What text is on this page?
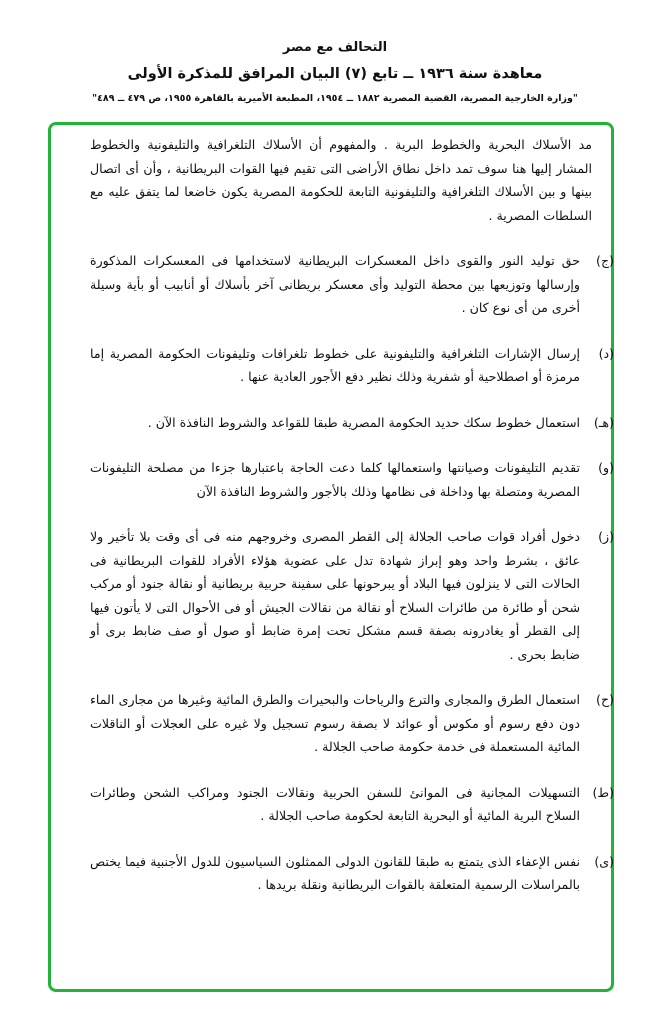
التحالف مع مصر
معاهدة سنة ١٩٣٦ ــ تابع (٧) البيان المرافق للمذكرة الأولى
"وزارة الخارجية المصرية، القضية المصرية ١٨٨٢ ــ ١٩٥٤، المطبعة الأميرية بالقاهرة ١٩٥٥، ص ٤٧٩ ــ ٤٨٩"
مد الأسلاك البحرية والخطوط البرية . والمفهوم أن الأسلاك التلغرافية والتليفونية والخطوط المشار إليها هنا سوف تمد داخل نطاق الأراضى التى تقيم فيها القوات البريطانية ، وأن أى اتصال بينها و بين الأسلاك التلغرافية والتليفونية التابعة للحكومة المصرية يكون خاضعا لما يتفق عليه مع السلطات المصرية .
(ج)
حق توليد النور والقوى داخل المعسكرات البريطانية لاستخدامها فى المعسكرات المذكورة وإرسالها وتوزيعها بين محطة التوليد وأى معسكر بريطانى آخر بأسلاك أو أنابيب أو بأية وسيلة أخرى من أى نوع كان .
(د)
إرسال الإشارات التلغرافية والتليفونية على خطوط تلغرافات وتليفونات الحكومة المصرية إما مرمزة أو اصطلاحية أو شفرية وذلك نظير دفع الأجور العادية عنها .
(هـ)
استعمال خطوط سكك حديد الحكومة المصرية طبقا للقواعد والشروط النافذة الآن .
(و)
تقديم التليفونات وصيانتها واستعمالها كلما دعت الحاجة باعتبارها جزءا من مصلحة التليفونات المصرية ومتصلة بها وداخلة فى نظامها وذلك بالأجور والشروط النافذة الآن
(ز)
دخول أفراد قوات صاحب الجلالة إلى القطر المصرى وخروجهم منه فى أى وقت بلا تأخير ولا عائق ، بشرط واحد وهو إبراز شهادة تدل على عضوية هؤلاء الأفراد للقوات البريطانية فى الحالات التى لا ينزلون فيها البلاد أو يبرحونها على سفينة حربية بريطانية أو نقالة جنود أو مركب شحن أو طائرة من طائرات السلاح أو نقالة من نقالات الجيش أو فى الأحوال التى لا يأتون فيها إلى القطر أو يغادرونه بصفة قسم مشكل تحت إمرة ضابط أو صول أو صف ضابط برى أو ضابط بحرى .
(ح)
استعمال الطرق والمجارى والترع والرياحات والبحيرات والطرق المائية وغيرها من مجارى الماء دون دفع رسوم أو مكوس أو عوائد لا بصفة رسوم تسجيل ولا غيره على العجلات أو الناقلات المائية المستعملة فى خدمة حكومة صاحب الجلالة .
(ط)
التسهيلات المجانية فى الموانئ للسفن الحربية ونقالات الجنود ومراكب الشحن وطائرات السلاح البرية المائية أو البحرية التابعة لحكومة صاحب الجلالة .
(ى)
نفس الإعفاء الذى يتمتع به طبقا للقانون الدولى الممثلون السياسيون للدول الأجنبية فيما يختص بالمراسلات الرسمية المتعلقة بالقوات البريطانية ونقلة بريدها .
